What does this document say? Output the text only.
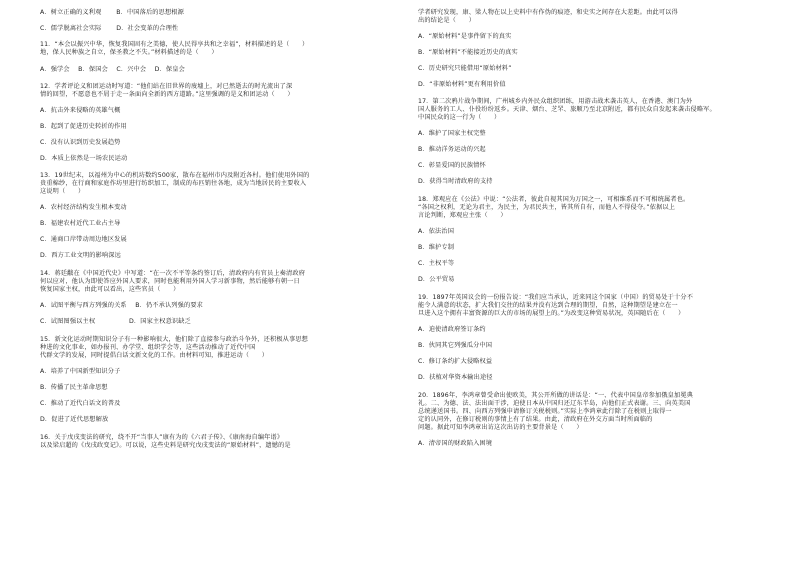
A．树立正确的义利观 　　B．中国落后的思想根源
C．儒学脱离社会实际 　　D．社会变革的合理性
11．“本会以振兴中华，恢复我国固有之美德，使人民得享共和之幸福”，材料描述的是（　　）
地，保人民种族之自立，保圣教之不失。”材料描述的是（　　）
A．强学会 　B．保国会 　C．兴中会 　D．保皇会
12．学者评论义和团运动时写道：“他们站在旧世界的废墟上，对已然逝去的时光流出了深
情的回望，不愿意也不屑于走一条面向全新的西方道路。”这里强调的是义和团运动（　　）
A．抗击外来侵略的英雄气概
B．起到了促进历史转折的作用
C．没有认识到历史发展趋势
D．本质上依然是一场农民运动
13．19世纪末，以福州为中心的机坊数约500家，散布在福州市内及附近各村。他们使用外国的
贵重棉纱，在行商和家庭作坊里进行纺织加工，制成的布匹销往各地，成为当地居民的主要收入
这说明（　　）
A．农村经济结构发生根本变动
B．福建农村近代工业占主导
C．通商口岸带动周边地区发展
D．西方工业文明的影响深远
14．蒋廷黻在《中国近代史》中写道：“在一次不平等条约签订后，清政府内有官员上奏清政府
何以应对，他认为即使答应外国人要求，同时也能利用外国人学习新事物，然后能够有朝一日
恢复国家主权，由此可以看出，这些官员（　　）
A．试图平衡与西方列强的关系 　B．仍不承认列强的要求
C．试图图强以主权 　　　　　D．国家主权意识缺乏
15．新文化运动时期知识分子有一种影响很大，他们除了直接参与政治斗争外，还积极从事思想
种进的文化事业，如办报刊、办学堂、组织学会等，这些活动推动了近代中国
代群文学的发展，同时提倡白话文新文化的工作。由材料可知，推进运动（　　）
A．培养了中国新型知识分子
B．传播了民主革命思想
C．推动了近代白话文的普及
D．促进了近代思想解放
16．关于戊戌变法的研究，绕不开“当事人”康有为的《六君子传》、《康南海自编年谱》
以及梁启超的《戊戌政变记》。可以说，这些史料是研究戊戌变法的“原始材料”，遗憾的是
学者研究发现，康、梁人物在以上史料中有作伪的痕迹，和史实之间存在大差距。由此可以得
出的结论是（　　）
A．“原始材料”是事件留下的真实
B．“原始材料”不能接近历史的真实
C．历史研究只能借用“原始材料”
D．“非原始材料”更有利用价值
17．第二次鸦片战争期间，广州城乡内外民众组织团练，用游击战术袭击英人，在香港、澳门为外
国人服务的工人、仆役纷纷返乡。天津、烟台、芝罘、旅顺乃至北京附近，都有民众自发起来袭击侵略军。
中国民众的这一行为（　　）
A．维护了国家主权完整
B．推动洋务运动的兴起
C．彰显爱国的民族情怀
D．获得当时清政府的支持
18．郑观应在《公法》中说：“公法者，彼此自视其国为万国之一，可相维系而不可相统属者也。
“各国之权利，无论为君主，为民主，为君民共主，皆其所自有，而他人不得侵夺。”依据以上
言论判断，郑观应主张（　　）
A．依法治国
B．维护专制
C．主权平等
D．公平贸易
19．1897年英国议会的一份报告说：“我们应当承认，近来同这个国家（中国）的贸易处于十分不
能令人满意的状态，扩大我们交往的结果并没有达到合理的期望，自然，这种期望是建立在一
旦进入这个拥有丰富资源的巨大的市场的展望上的。”为改变这种贸易状况，英国随后在（　　）
A．迫使清政府签订条约
B．伙同其它列强瓜分中国
C．修订条约扩大侵略权益
D．扶植对华资本输出途径
20．1896年，李鸿章曾受命出使欧美，其公开所做的讲话是：“一、代表中国皇帝参加俄皇加冕典
礼。二、为德、法、法出面干涉，迫使日本从中国归还辽东半岛，向他们正式表谢。三、向英美国
总统递送国书。四、向西方列强申请修订关税税则。”实际上李鸿章此行除了在税则上取得一
定的认同外，在修订税则的事情上有了结果。由此，清政府在外交方面当时所面临的
问题。据此可知李鸿章出访这次出访的主要背景是（　　）
A．清帝国的财政陷入困境
